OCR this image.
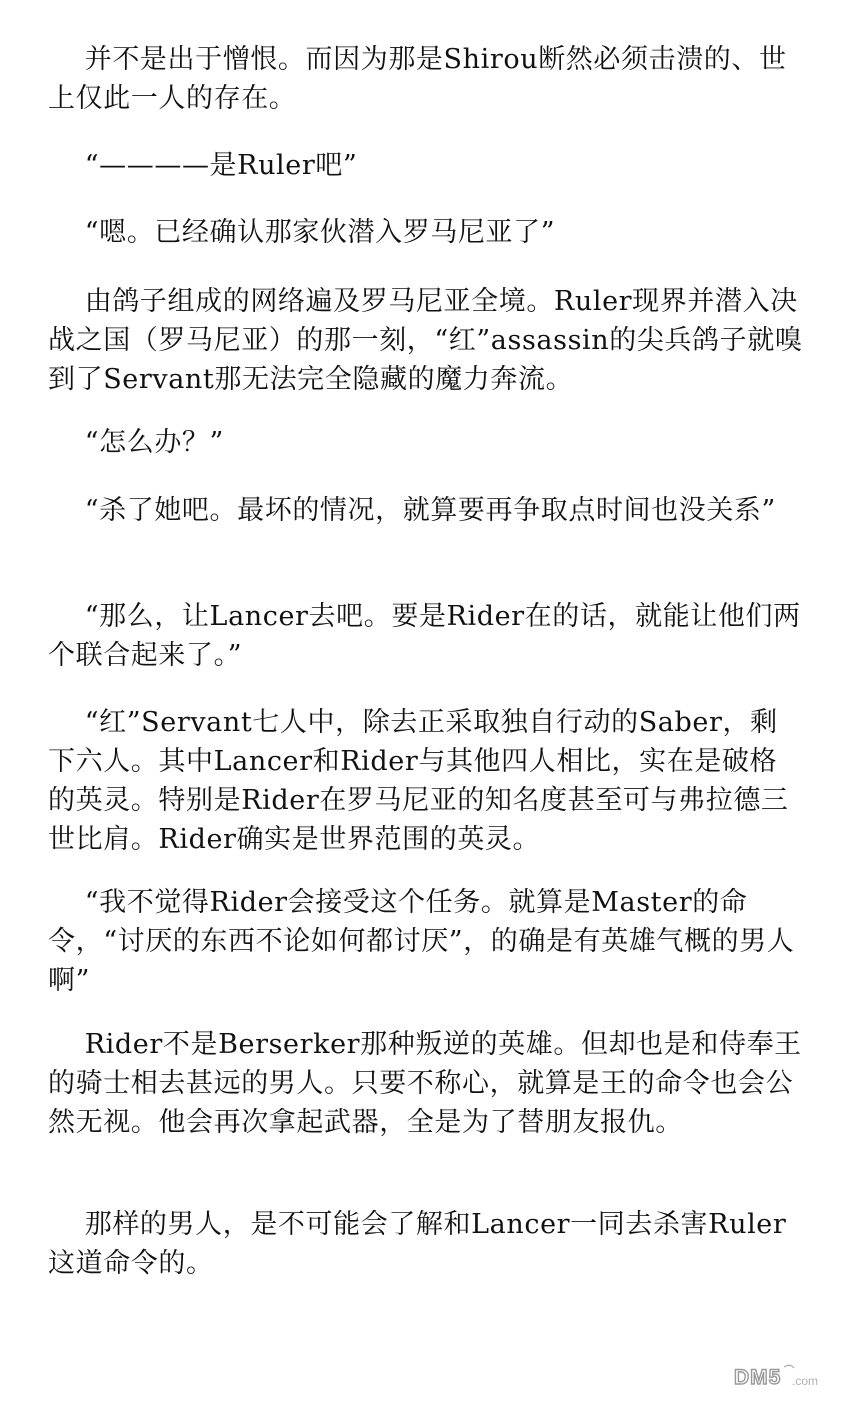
并不是出于憎恨。而因为那是Shirou断然必须击溃的、世上仅此一人的存在。

“————是Ruler吧”

“嗯。已经确认那家伙潜入罗马尼亚了”

由鸽子组成的网络遍及罗马尼亚全境。Ruler现界并潜入决战之国（罗马尼亚）的那一刻，“红”assassin的尖兵鸽子就嗅到了Servant那无法完全隐藏的魔力奔流。

“怎么办？”

“杀了她吧。最坏的情况，就算要再争取点时间也没关系”

“那么，让Lancer去吧。要是Rider在的话，就能让他们两个联合起来了。”

“红”Servant七人中，除去正采取独自行动的Saber，剩下六人。其中Lancer和Rider与其他四人相比，实在是破格的英灵。特别是Rider在罗马尼亚的知名度甚至可与弗拉德三世比肩。Rider确实是世界范围的英灵。

“我不觉得Rider会接受这个任务。就算是Master的命令，“讨厌的东西不论如何都讨厌”，的确是有英雄气概的男人啊”

Rider不是Berserker那种叛逆的英雄。但却也是和侍奉王的骑士相去甚远的男人。只要不称心，就算是王的命令也会公然无视。他会再次拿起武器，全是为了替朋友报仇。

那样的男人，是不可能会了解和Lancer一同去杀害Ruler这道命令的。

DM5 .com
